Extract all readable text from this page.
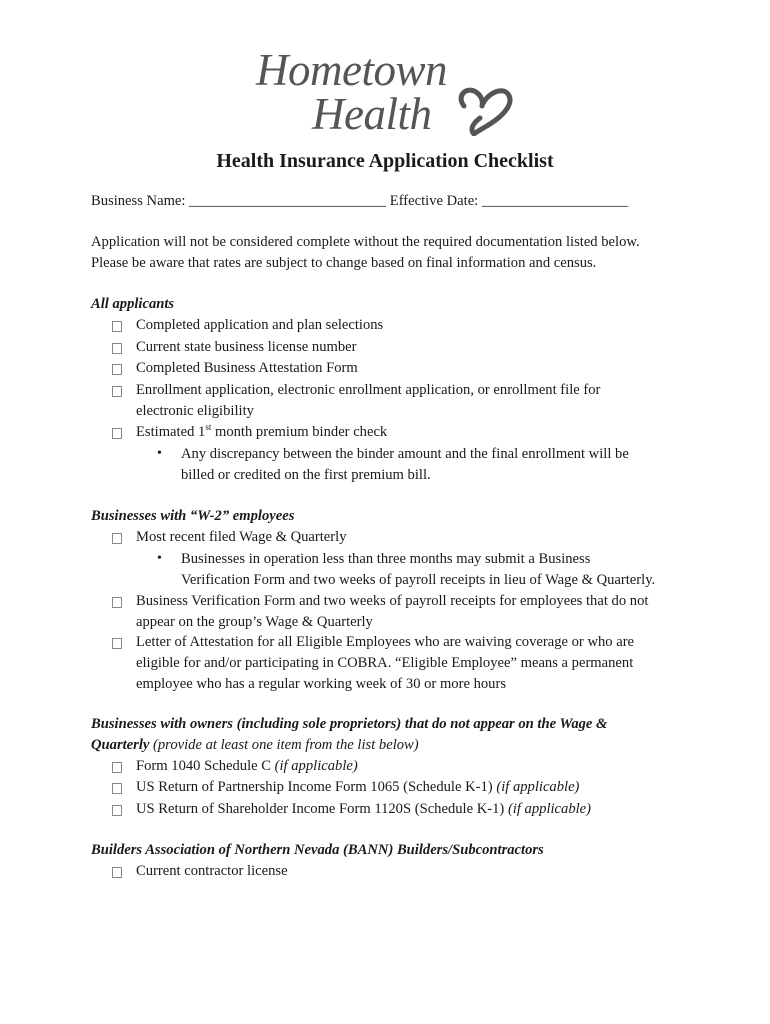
Hometown
Health
Health Insurance Application Checklist
Business Name: ___________________________ Effective Date: ____________________
Application will not be considered complete without the required documentation listed below.
Please be aware that rates are subject to change based on final information and census.
All applicants
Completed application and plan selections
Current state business license number
Completed Business Attestation Form
Enrollment application, electronic enrollment application, or enrollment file for
electronic eligibility
Estimated 1st month premium binder check
• Any discrepancy between the binder amount and the final enrollment will be
billed or credited on the first premium bill.
Businesses with “W-2” employees
Most recent filed Wage & Quarterly
• Businesses in operation less than three months may submit a Business
Verification Form and two weeks of payroll receipts in lieu of Wage & Quarterly.
Business Verification Form and two weeks of payroll receipts for employees that do not
appear on the group’s Wage & Quarterly
Letter of Attestation for all Eligible Employees who are waiving coverage or who are
eligible for and/or participating in COBRA. “Eligible Employee” means a permanent
employee who has a regular working week of 30 or more hours
Businesses with owners (including sole proprietors) that do not appear on the Wage &
Quarterly (provide at least one item from the list below)
Form 1040 Schedule C (if applicable)
US Return of Partnership Income Form 1065 (Schedule K-1) (if applicable)
US Return of Shareholder Income Form 1120S (Schedule K-1) (if applicable)
Builders Association of Northern Nevada (BANN) Builders/Subcontractors
Current contractor license
